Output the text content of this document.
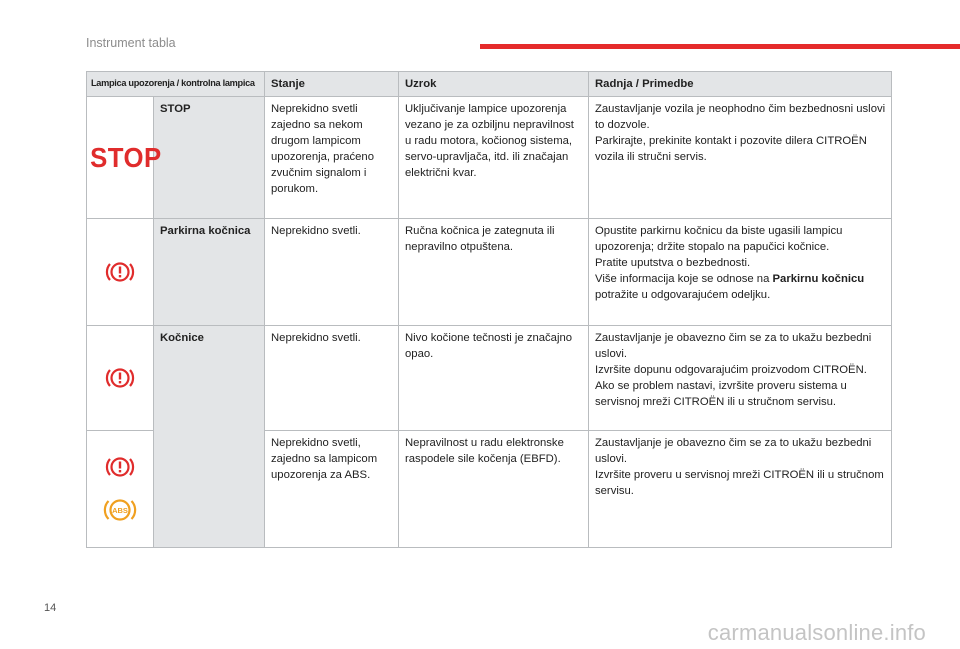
Instrument tabla
Lampica upozorenja / kontrolna lampica		Stanje	Uzrok	Radnja / Primedbe
STOP	STOP	Neprekidno svetli zajedno sa nekom drugom lampicom upozorenja, praćeno zvučnim signalom i porukom.	Uključivanje lampice upozorenja vezano je za ozbiljnu nepravilnost u radu motora, kočionog sistema, servo-upravljača, itd. ili značajan električni kvar.	Zaustavljanje vozila je neophodno čim bezbednosni uslovi to dozvole.
Parkirajte, prekinite kontakt i pozovite dilera CITROËN vozila ili stručni servis.

	Parkirna kočnica	Neprekidno svetli.	Ručna kočnica je zategnuta ili nepravilno otpuštena.	Opustite parkirnu kočnicu da biste ugasili lampicu upozorenja; držite stopalo na papučici kočnice.
Pratite uputstva o bezbednosti.
Više informacija koje se odnose na Parkirnu kočnicu potražite u odgovarajućem odeljku.

	Kočnice	Neprekidno svetli.	Nivo kočione tečnosti je značajno opao.	Zaustavljanje je obavezno čim se za to ukažu bezbedni uslovi.
Izvršite dopunu odgovarajućim proizvodom CITROËN.
Ako se problem nastavi, izvršite proveru sistema u servisnoj mreži CITROËN ili u stručnom servisu.

ABS		Neprekidno svetli, zajedno sa lampicom upozorenja za ABS.	Nepravilnost u radu elektronske raspodele sile kočenja (EBFD).	Zaustavljanje je obavezno čim se za to ukažu bezbedni uslovi.
Izvršite proveru u servisnoj mreži CITROËN ili u stručnom servisu.
14
carmanualsonline.info
